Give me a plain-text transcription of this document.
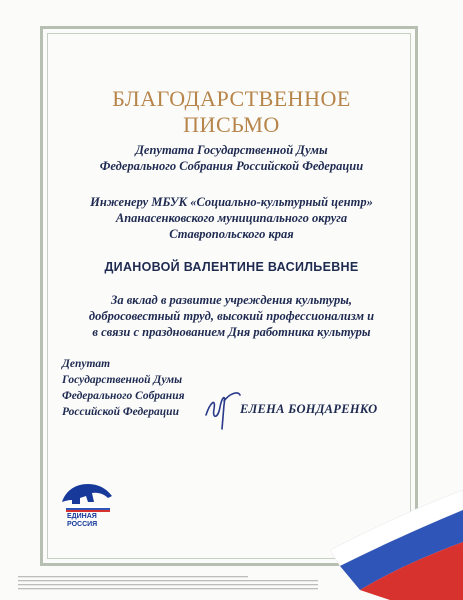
БЛАГОДАРСТВЕННОЕ
ПИСЬМО
Депутата Государственной Думы
Федерального Собрания Российской Федерации
Инженеру МБУК «Социально-культурный центр»
Апанасенковского муниципального округа
Ставропольского края
ДИАНОВОЙ ВАЛЕНТИНЕ ВАСИЛЬЕВНЕ
За вклад в развитие учреждения культуры,
добросовестный труд, высокий профессионализм и
в связи с празднованием Дня работника культуры
Депутат
Государственной Думы
Федерального Собрания
Российской Федерации	ЕЛЕНА БОНДАРЕНКО
ЕДИНАЯ
РОССИЯ
